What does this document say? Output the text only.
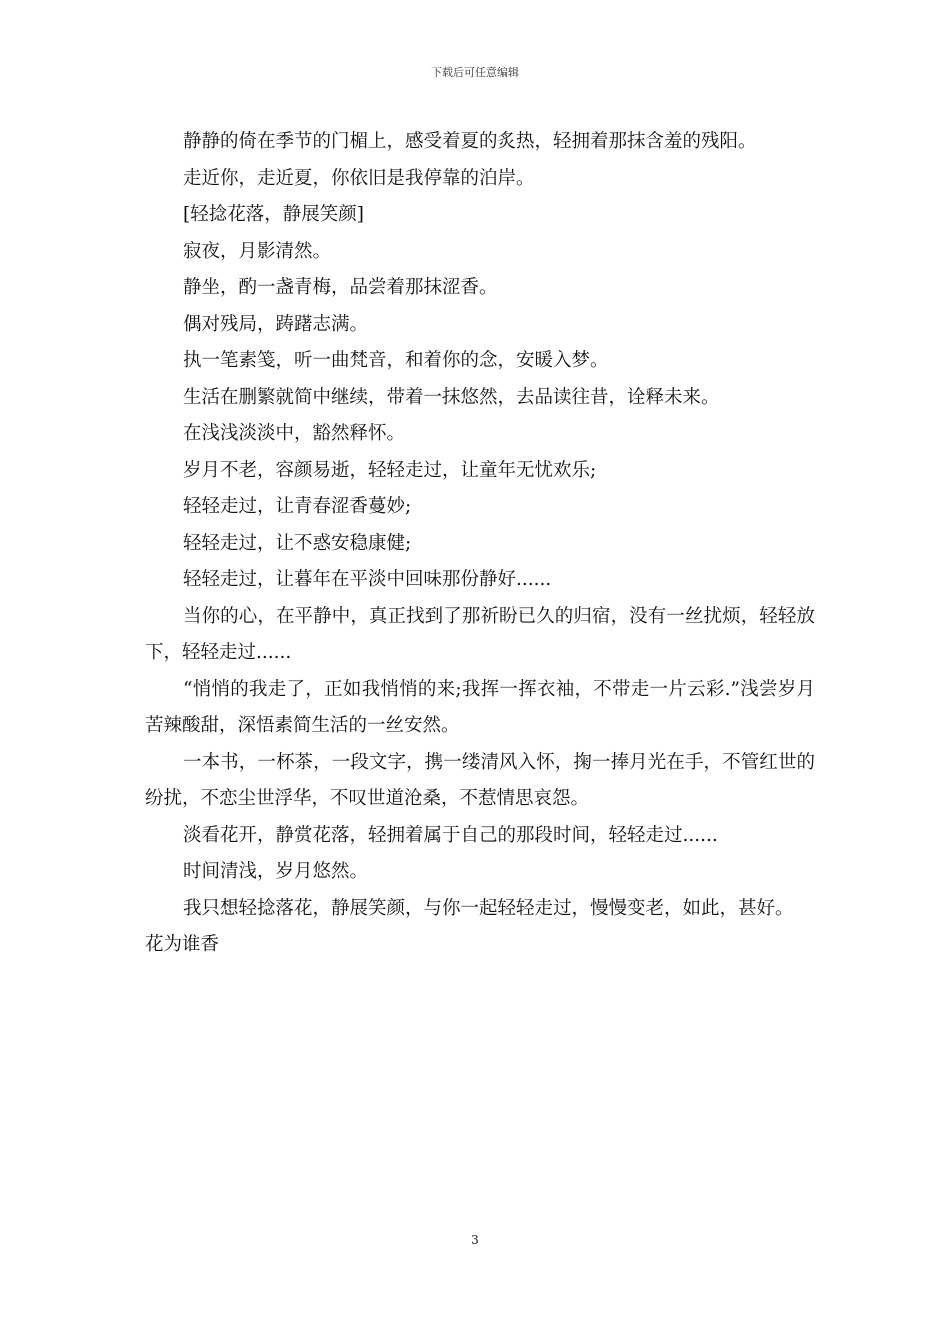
下载后可任意编辑

静静的倚在季节的门楣上，感受着夏的炙热，轻拥着那抹含羞的残阳。

走近你，走近夏，你依旧是我停靠的泊岸。

[轻捻花落，静展笑颜]

寂夜，月影清然。

静坐，酌一盏青梅，品尝着那抹涩香。

偶对残局，踌躇志满。

执一笔素笺，听一曲梵音，和着你的念，安暖入梦。

生活在删繁就简中继续，带着一抹悠然，去品读往昔，诠释未来。

在浅浅淡淡中，豁然释怀。

岁月不老，容颜易逝，轻轻走过，让童年无忧欢乐;

轻轻走过，让青春涩香蔓妙;

轻轻走过，让不惑安稳康健;

轻轻走过，让暮年在平淡中回味那份静好......

当你的心，在平静中，真正找到了那祈盼已久的归宿，没有一丝扰烦，轻轻放下，轻轻走过......

“悄悄的我走了，正如我悄悄的来;我挥一挥衣袖，不带走一片云彩.”浅尝岁月苦辣酸甜，深悟素简生活的一丝安然。

一本书，一杯茶，一段文字，携一缕清风入怀，掬一捧月光在手，不管红世的纷扰，不恋尘世浮华，不叹世道沧桑，不惹情思哀怨。

淡看花开，静赏花落，轻拥着属于自己的那段时间，轻轻走过......

时间清浅，岁月悠然。

我只想轻捻落花，静展笑颜，与你一起轻轻走过，慢慢变老，如此，甚好。

花为谁香

3
